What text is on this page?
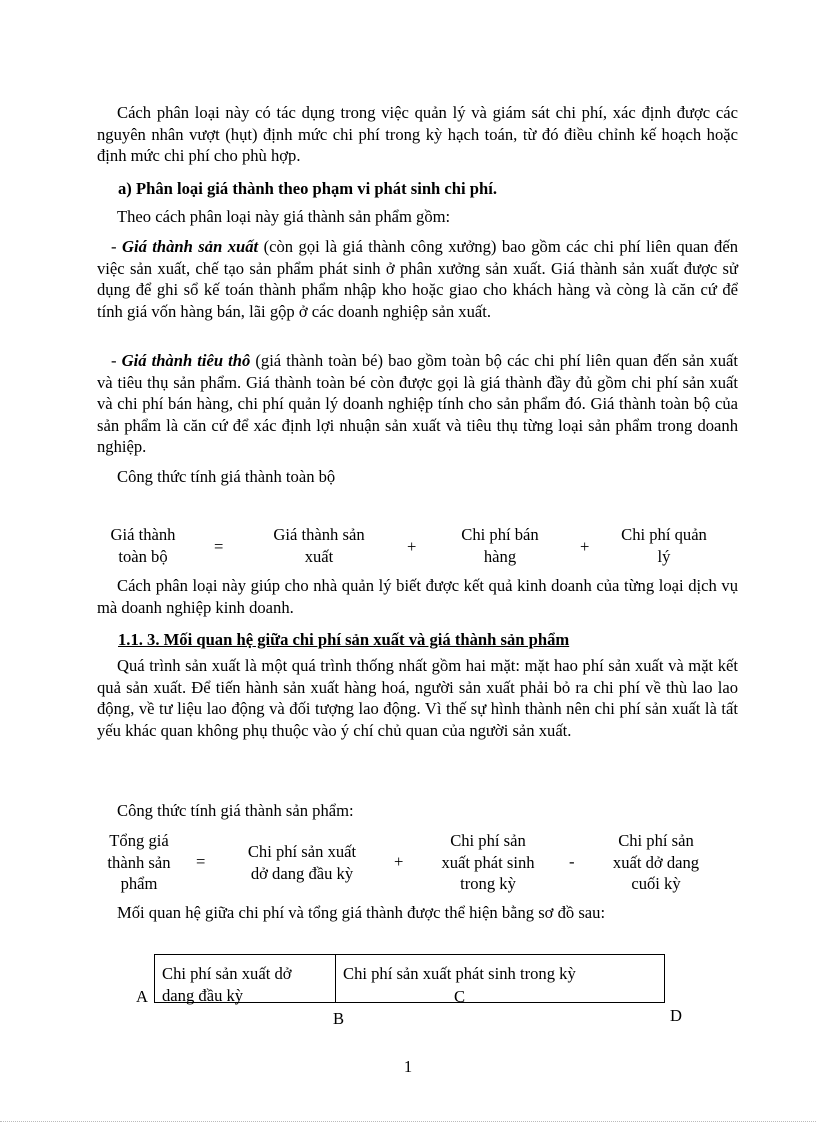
Cách phân loại này có tác dụng trong việc quản lý và giám sát chi phí, xác định được các nguyên nhân vượt (hụt) định mức chi phí trong kỳ hạch toán, từ đó điều chỉnh kế hoạch hoặc định mức chi phí cho phù hợp.

a) Phân loại giá thành theo phạm vi phát sinh chi phí.

Theo cách phân loại này giá thành sản phẩm gồm:

- Giá thành sản xuất (còn gọi là giá thành công xưởng) bao gồm các chi phí liên quan đến việc sản xuất, chế tạo sản phẩm phát sinh ở phân xưởng sản xuất. Giá thành sản xuất được sử dụng để ghi sổ kế toán thành phẩm nhập kho hoặc giao cho khách hàng và còng là căn cứ để tính giá vốn hàng bán, lãi gộp ở các doanh nghiệp sản xuất.

- Giá thành tiêu thô (giá thành toàn bé) bao gồm toàn bộ các chi phí liên quan đến sản xuất và tiêu thụ sản phẩm. Giá thành toàn bé còn được gọi là giá thành đầy đủ gồm chi phí sản xuất và chi phí bán hàng, chi phí quản lý doanh nghiệp tính cho sản phẩm đó. Giá thành toàn bộ của sản phẩm là căn cứ để xác định lợi nhuận sản xuất và tiêu thụ từng loại sản phẩm trong doanh nghiệp.

Công thức tính giá thành toàn bộ

Giá thành
toàn bộ
=
Giá thành sản
xuất
+
Chi phí bán
hàng
+
Chi phí quản
lý

Cách phân loại này giúp cho nhà quản lý biết được kết quả kinh doanh của từng loại dịch vụ mà doanh nghiệp kinh doanh.

1.1. 3. Mối quan hệ giữa chi phí sản xuất và giá thành sản phẩm

Quá trình sản xuất là một quá trình thống nhất gồm hai mặt: mặt hao phí sản xuất và mặt kết quả sản xuất. Để tiến hành sản xuất hàng hoá, người sản xuất phải bỏ ra chi phí về thù lao lao động, về tư liệu lao động và đối tượng lao động. Vì thế sự hình thành nên chi phí sản xuất là tất yếu khác quan không phụ thuộc vào ý chí chủ quan của người sản xuất.

Công thức tính giá thành sản phẩm:

Tổng giá
thành sản
phẩm
=
Chi phí sản xuất
dở dang đầu kỳ
+
Chi phí sản
xuất phát sinh
trong kỳ
-
Chi phí sản
xuất dở dang
cuối kỳ

Mối quan hệ giữa chi phí và tổng giá thành được thể hiện bằng sơ đồ sau:

Chi phí sản xuất dở
dang đầu kỳ
Chi phí sản xuất phát sinh trong kỳ
A	C
B	D
1
